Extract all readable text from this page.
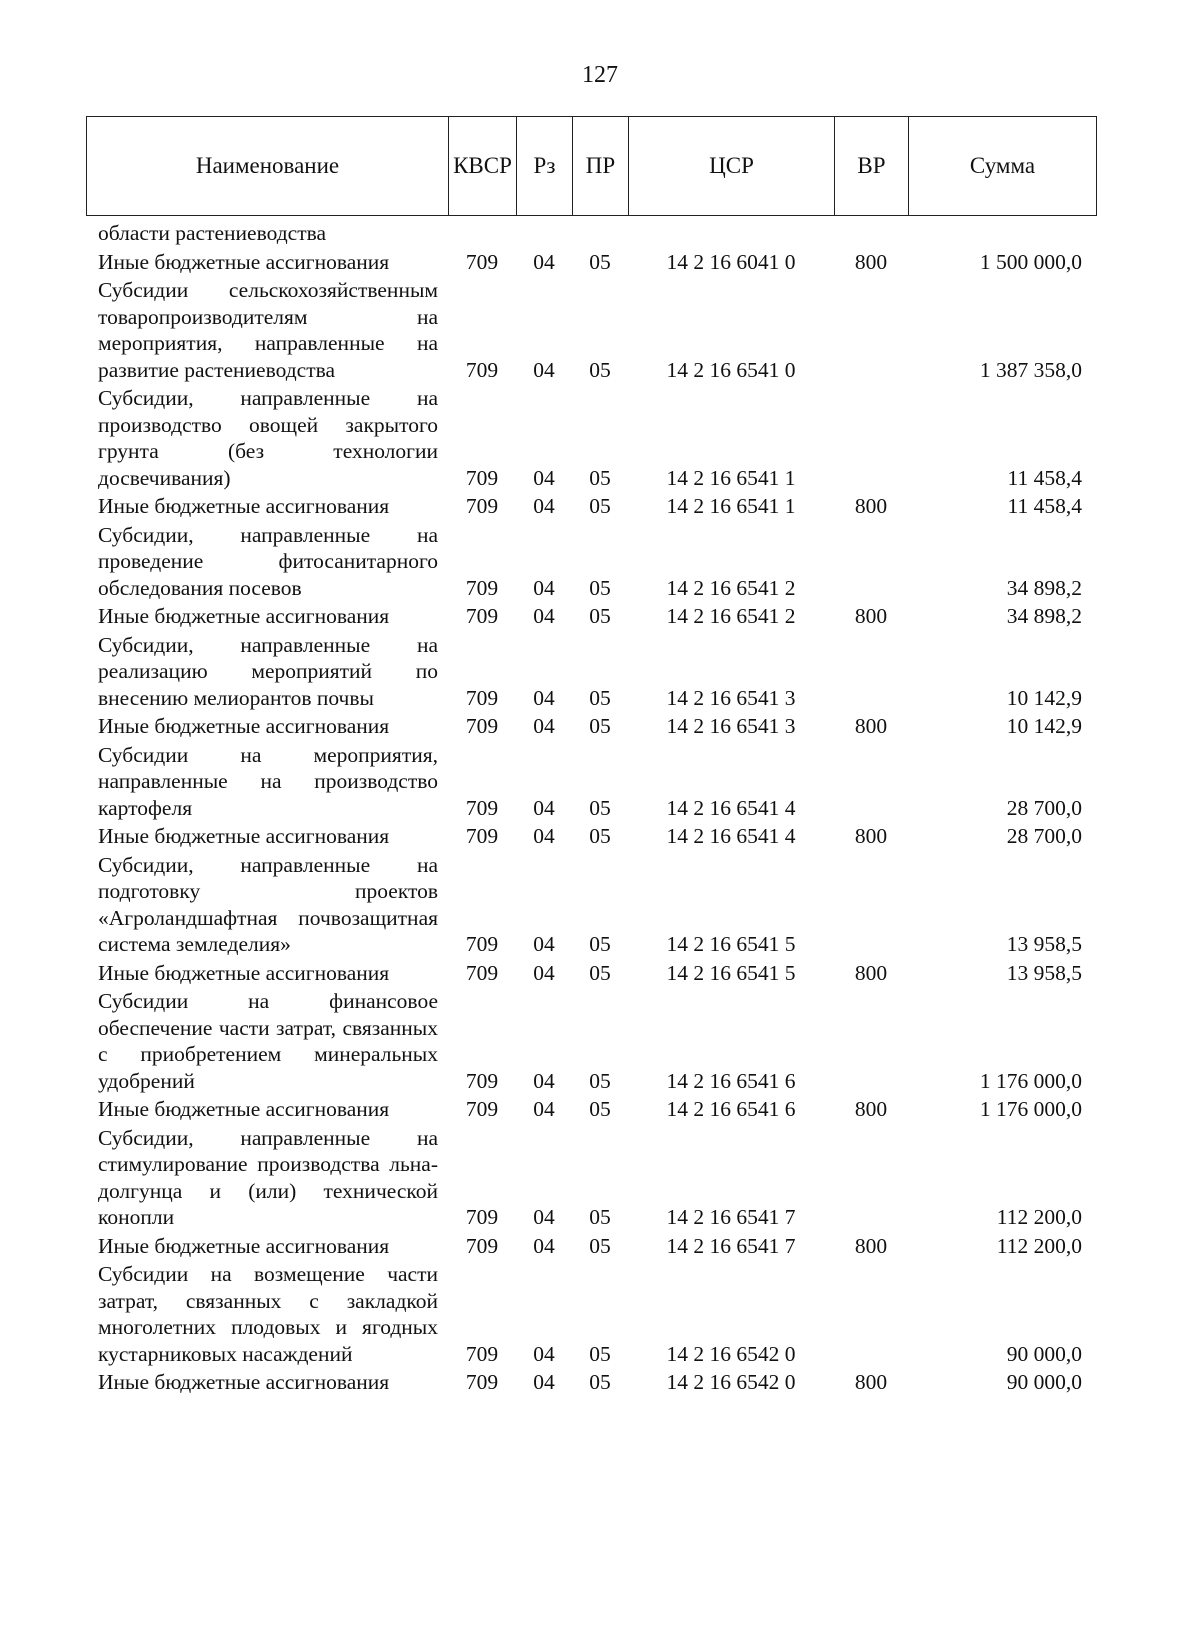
127
Наименование	КВСР	Рз	ПР	ЦСР	ВР	Сумма
области растениеводства						
Иные бюджетные ассигнования	709	04	05	14 2 16 6041 0	800	1 500 000,0
Субсидии сельскохозяйственным товаропроизводителям на мероприятия, направленные на развитие растениеводства	709	04	05	14 2 16 6541 0		1 387 358,0
Субсидии, направленные на производство овощей закрытого грунта (без технологии досвечивания)	709	04	05	14 2 16 6541 1		11 458,4
Иные бюджетные ассигнования	709	04	05	14 2 16 6541 1	800	11 458,4
Субсидии, направленные на проведение фитосанитарного обследования посевов	709	04	05	14 2 16 6541 2		34 898,2
Иные бюджетные ассигнования	709	04	05	14 2 16 6541 2	800	34 898,2
Субсидии, направленные на реализацию мероприятий по внесению мелиорантов почвы	709	04	05	14 2 16 6541 3		10 142,9
Иные бюджетные ассигнования	709	04	05	14 2 16 6541 3	800	10 142,9
Субсидии на мероприятия, направленные на производство картофеля	709	04	05	14 2 16 6541 4		28 700,0
Иные бюджетные ассигнования	709	04	05	14 2 16 6541 4	800	28 700,0
Субсидии, направленные на подготовку проектов «Агроландшафтная почвозащитная система земледелия»	709	04	05	14 2 16 6541 5		13 958,5
Иные бюджетные ассигнования	709	04	05	14 2 16 6541 5	800	13 958,5
Субсидии на финансовое обеспечение части затрат, связанных с приобретением минеральных удобрений	709	04	05	14 2 16 6541 6		1 176 000,0
Иные бюджетные ассигнования	709	04	05	14 2 16 6541 6	800	1 176 000,0
Субсидии, направленные на стимулирование производства льна-долгунца и (или) технической конопли	709	04	05	14 2 16 6541 7		112 200,0
Иные бюджетные ассигнования	709	04	05	14 2 16 6541 7	800	112 200,0
Субсидии на возмещение части затрат, связанных с закладкой многолетних плодовых и ягодных кустарниковых насаждений	709	04	05	14 2 16 6542 0		90 000,0
Иные бюджетные ассигнования	709	04	05	14 2 16 6542 0	800	90 000,0
